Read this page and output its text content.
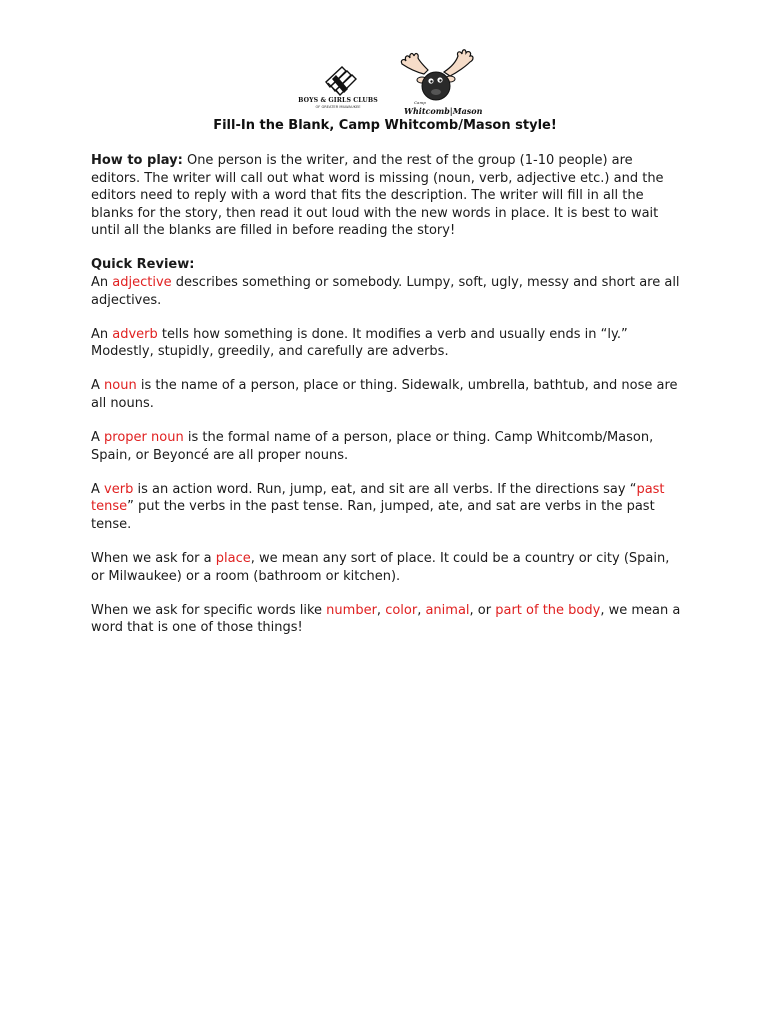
BOYS & GIRLS CLUBS
OF GREATER MILWAUKEE
Camp
Whitcomb|Mason
Fill-In the Blank, Camp Whitcomb/Mason style!

How to play: One person is the writer, and the rest of the group (1-10 people) are editors. The writer will call out what word is missing (noun, verb, adjective etc.) and the editors need to reply with a word that fits the description. The writer will fill in all the blanks for the story, then read it out loud with the new words in place. It is best to wait until all the blanks are filled in before reading the story!

Quick Review:

An adjective describes something or somebody. Lumpy, soft, ugly, messy and short are all adjectives.

An adverb tells how something is done. It modifies a verb and usually ends in “ly.” Modestly, stupidly, greedily, and carefully are adverbs.

A noun is the name of a person, place or thing. Sidewalk, umbrella, bathtub, and nose are all nouns.

A proper noun is the formal name of a person, place or thing. Camp Whitcomb/Mason, Spain, or Beyoncé are all proper nouns.

A verb is an action word. Run, jump, eat, and sit are all verbs. If the directions say “past tense” put the verbs in the past tense. Ran, jumped, ate, and sat are verbs in the past tense.

When we ask for a place, we mean any sort of place. It could be a country or city (Spain, or Milwaukee) or a room (bathroom or kitchen).

When we ask for specific words like number, color, animal, or part of the body, we mean a word that is one of those things!
